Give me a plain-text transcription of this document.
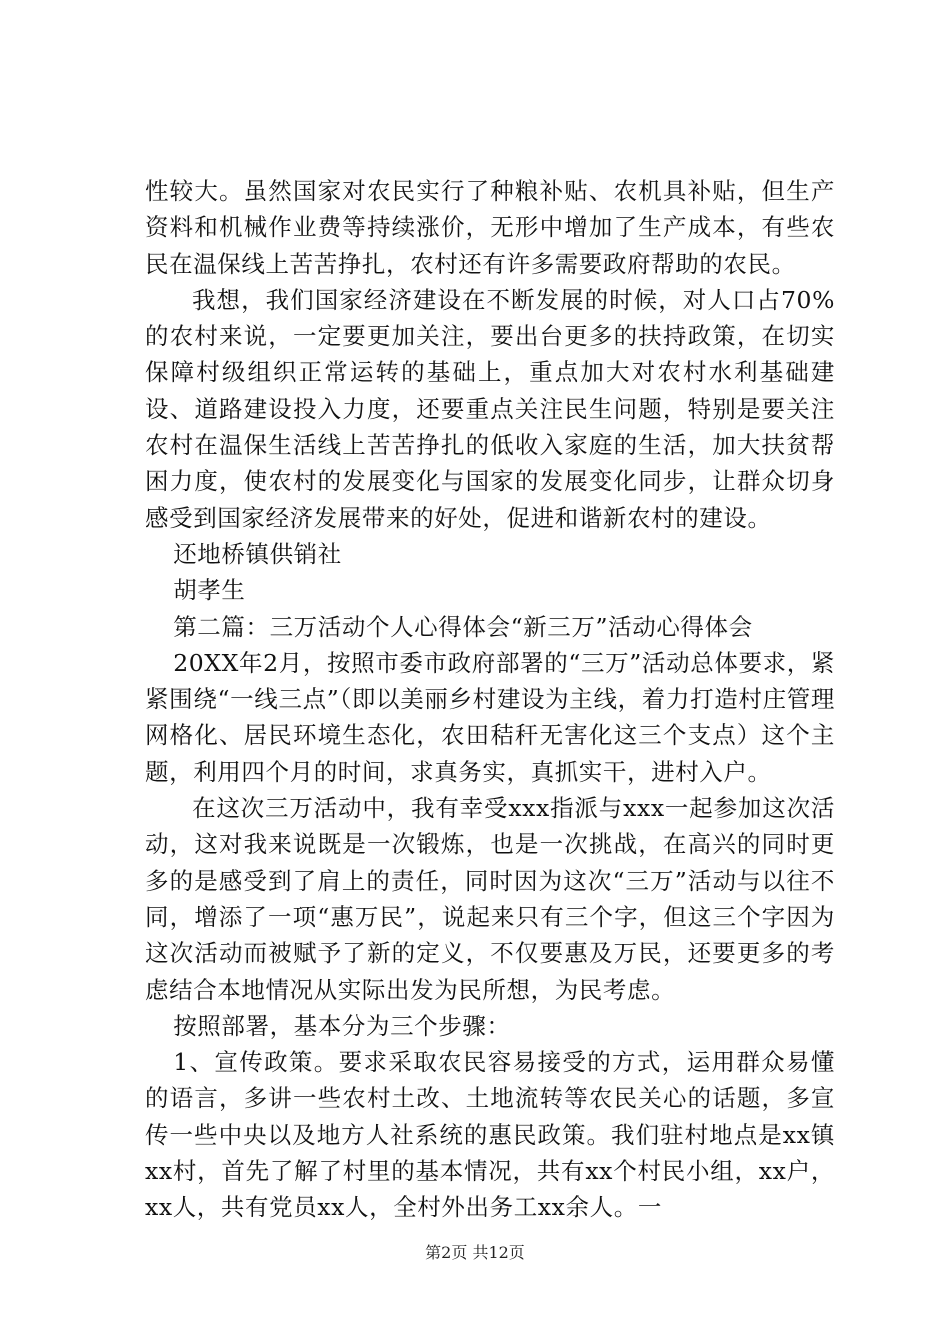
性较大。虽然国家对农民实行了种粮补贴、农机具补贴，但生产资料和机械作业费等持续涨价，无形中增加了生产成本，有些农民在温保线上苦苦挣扎，农村还有许多需要政府帮助的农民。

我想，我们国家经济建设在不断发展的时候，对人口占70%的农村来说，一定要更加关注，要出台更多的扶持政策，在切实保障村级组织正常运转的基础上，重点加大对农村水利基础建设、道路建设投入力度，还要重点关注民生问题，特别是要关注农村在温保生活线上苦苦挣扎的低收入家庭的生活，加大扶贫帮困力度，使农村的发展变化与国家的发展变化同步，让群众切身感受到国家经济发展带来的好处，促进和谐新农村的建设。

还地桥镇供销社

胡孝生

第二篇：三万活动个人心得体会“新三万”活动心得体会

20XX年2月，按照市委市政府部署的“三万”活动总体要求，紧紧围绕“一线三点”（即以美丽乡村建设为主线，着力打造村庄管理网格化、居民环境生态化，农田秸秆无害化这三个支点）这个主题，利用四个月的时间，求真务实，真抓实干，进村入户。

在这次三万活动中，我有幸受xxx指派与xxx一起参加这次活动，这对我来说既是一次锻炼，也是一次挑战，在高兴的同时更多的是感受到了肩上的责任，同时因为这次“三万”活动与以往不同，增添了一项“惠万民”，说起来只有三个字，但这三个字因为这次活动而被赋予了新的定义，不仅要惠及万民，还要更多的考虑结合本地情况从实际出发为民所想，为民考虑。

按照部署，基本分为三个步骤：

1、宣传政策。要求采取农民容易接受的方式，运用群众易懂的语言，多讲一些农村土改、土地流转等农民关心的话题，多宣传一些中央以及地方人社系统的惠民政策。我们驻村地点是xx镇xx村，首先了解了村里的基本情况，共有xx个村民小组，xx户，xx人，共有党员xx人，全村外出务工xx余人。一

第2页 共12页
